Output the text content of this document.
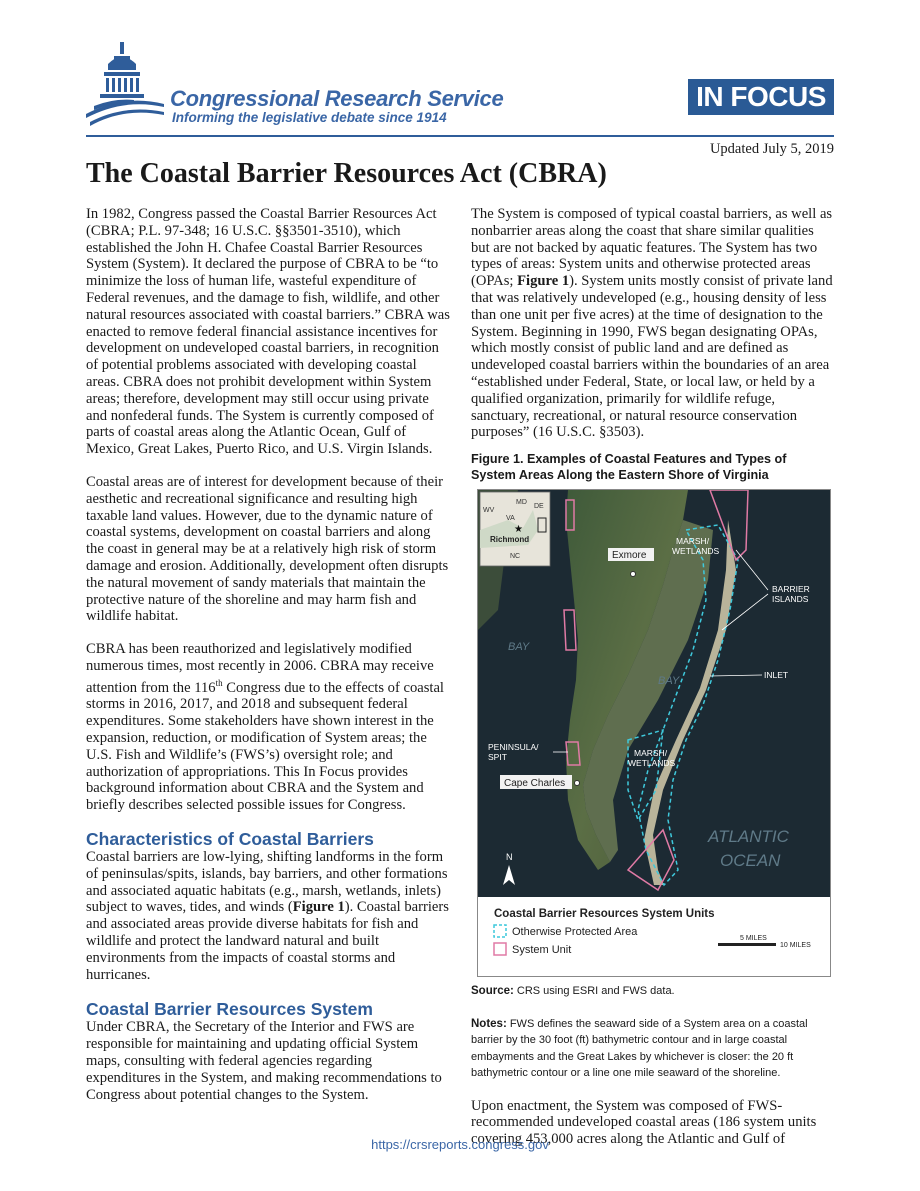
Congressional Research Service
Informing the legislative debate since 1914
IN FOCUS
Updated July 5, 2019
The Coastal Barrier Resources Act (CBRA)

In 1982, Congress passed the Coastal Barrier Resources Act (CBRA; P.L. 97-348; 16 U.S.C. §§3501-3510), which established the John H. Chafee Coastal Barrier Resources System (System). It declared the purpose of CBRA to be “to minimize the loss of human life, wasteful expenditure of Federal revenues, and the damage to fish, wildlife, and other natural resources associated with coastal barriers.” CBRA was enacted to remove federal financial assistance incentives for development on undeveloped coastal barriers, in recognition of potential problems associated with developing coastal areas. CBRA does not prohibit development within System areas; therefore, development may still occur using private and nonfederal funds. The System is currently composed of parts of coastal areas along the Atlantic Ocean, Gulf of Mexico, Great Lakes, Puerto Rico, and U.S. Virgin Islands.

Coastal areas are of interest for development because of their aesthetic and recreational significance and resulting high taxable land values. However, due to the dynamic nature of coastal systems, development on coastal barriers and along the coast in general may be at a relatively high risk of storm damage and erosion. Additionally, development often disrupts the natural movement of sandy materials that maintain the protective nature of the shoreline and may harm fish and wildlife habitat.

CBRA has been reauthorized and legislatively modified numerous times, most recently in 2006. CBRA may receive attention from the 116th Congress due to the effects of coastal storms in 2016, 2017, and 2018 and subsequent federal expenditures. Some stakeholders have shown interest in the expansion, reduction, or modification of System areas; the U.S. Fish and Wildlife’s (FWS’s) oversight role; and authorization of appropriations. This In Focus provides background information about CBRA and the System and briefly describes selected possible issues for Congress.

Characteristics of Coastal Barriers

Coastal barriers are low-lying, shifting landforms in the form of peninsulas/spits, islands, bay barriers, and other formations and associated aquatic habitats (e.g., marsh, wetlands, inlets) subject to waves, tides, and winds (Figure 1). Coastal barriers and associated areas provide diverse habitats for fish and wildlife and protect the landward natural and built environments from the impacts of coastal storms and hurricanes.

Coastal Barrier Resources System

Under CBRA, the Secretary of the Interior and FWS are responsible for maintaining and updating official System maps, consulting with federal agencies regarding expenditures in the System, and making recommendations to Congress about potential changes to the System.

The System is composed of typical coastal barriers, as well as nonbarrier areas along the coast that share similar qualities but are not backed by aquatic features. The System has two types of areas: System units and otherwise protected areas (OPAs; Figure 1). System units mostly consist of private land that was relatively undeveloped (e.g., housing density of less than one unit per five acres) at the time of designation to the System. Beginning in 1990, FWS began designating OPAs, which mostly consist of public land and are defined as undeveloped coastal barriers within the boundaries of an area “established under Federal, State, or local law, or held by a qualified organization, primarily for wildlife refuge, sanctuary, recreational, or natural resource conservation purposes” (16 U.S.C. §3503).

Figure 1. Examples of Coastal Features and Types of System Areas Along the Eastern Shore of Virginia
MD
DE
WV
VA
NC
★
Richmond
Exmore
Cape Charles
MARSH/
WETLANDS
BARRIER
ISLANDS
INLET
PENINSULA/
SPIT	MARSH/
WETLANDS
BAY
BAY
ATLANTIC
OCEAN
N
Coastal Barrier Resources System Units
Otherwise Protected Area
System Unit
5 MILES
10 MILES

Source: CRS using ESRI and FWS data.

Notes: FWS defines the seaward side of a System area on a coastal barrier by the 30 foot (ft) bathymetric contour and in large coastal embayments and the Great Lakes by whichever is closer: the 20 ft bathymetric contour or a line one mile seaward of the shoreline.

Upon enactment, the System was composed of FWS-recommended undeveloped coastal areas (186 system units covering 453,000 acres along the Atlantic and Gulf of

https://crsreports.congress.gov
